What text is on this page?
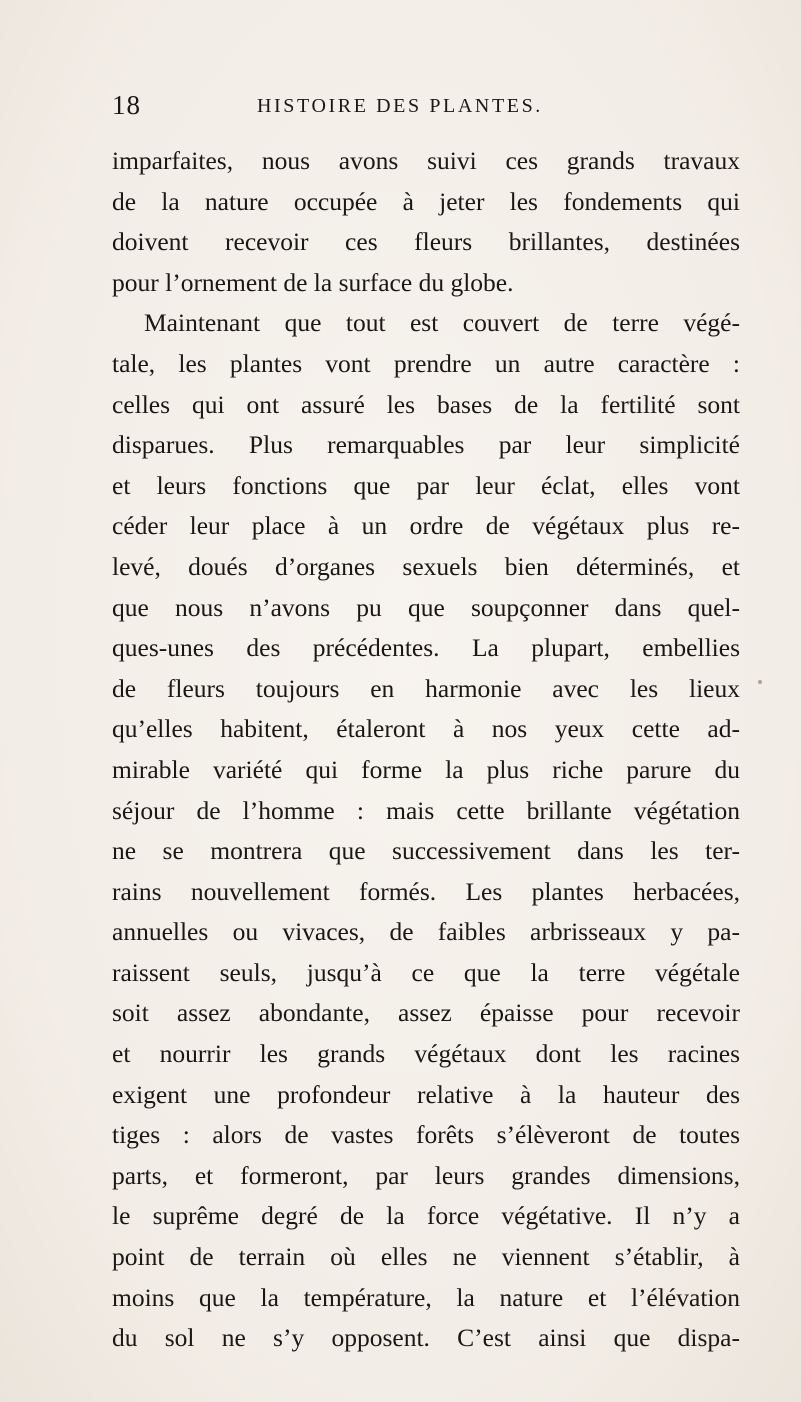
18	HISTOIRE DES PLANTES.
imparfaites, nous avons suivi ces grands travaux
de la nature occupée à jeter les fondements qui
doivent recevoir ces fleurs brillantes, destinées
pour l’ornement de la surface du globe.
Maintenant que tout est couvert de terre végé-
tale, les plantes vont prendre un autre caractère :
celles qui ont assuré les bases de la fertilité sont
disparues. Plus remarquables par leur simplicité
et leurs fonctions que par leur éclat, elles vont
céder leur place à un ordre de végétaux plus re-
levé, doués d’organes sexuels bien déterminés, et
que nous n’avons pu que soupçonner dans quel-
ques-unes des précédentes. La plupart, embellies
de fleurs toujours en harmonie avec les lieux
qu’elles habitent, étaleront à nos yeux cette ad-
mirable variété qui forme la plus riche parure du
séjour de l’homme : mais cette brillante végétation
ne se montrera que successivement dans les ter-
rains nouvellement formés. Les plantes herbacées,
annuelles ou vivaces, de faibles arbrisseaux y pa-
raissent seuls, jusqu’à ce que la terre végétale
soit assez abondante, assez épaisse pour recevoir
et nourrir les grands végétaux dont les racines
exigent une profondeur relative à la hauteur des
tiges : alors de vastes forêts s’élèveront de toutes
parts, et formeront, par leurs grandes dimensions,
le suprême degré de la force végétative. Il n’y a
point de terrain où elles ne viennent s’établir, à
moins que la température, la nature et l’élévation
du sol ne s’y opposent. C’est ainsi que dispa-
